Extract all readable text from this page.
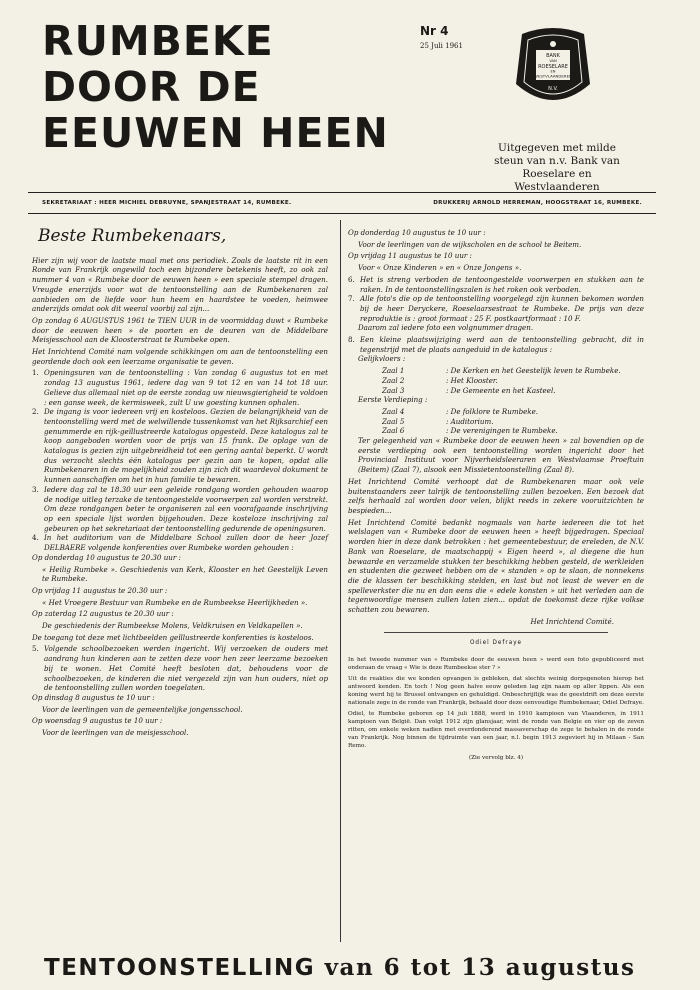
RUMBEKE
DOOR DE
EEUWEN HEEN
Nr 4
25 Juli 1961
BANK
VAN
ROESELARE
EN
WESTVLAANDEREN
N.V.
Uitgegeven met milde steun van n.v. Bank van Roeselare en Westvlaanderen
SEKRETARIAAT : HEER MICHIEL DEBRUYNE, SPANJESTRAAT 14, RUMBEKE.	DRUKKERIJ ARNOLD HERREMAN, HOOGSTRAAT 16, RUMBEKE.

Beste Rumbekenaars,

Hier zijn wij voor de laatste maal met ons periodiek. Zoals de laatste rit in een Ronde van Frankrijk ongewild toch een bijzondere betekenis heeft, zo ook zal nummer 4 van « Rumbeke door de eeuwen heen » een speciale stempel dragen. Vreugde enerzijds voor wat de tentoonstelling aan de Rumbekenaren zal aanbieden om de liefde voor hun heem en haardstee te voeden, heimwee anderzijds omdat ook dit weeral voorbij zal zijn...

Op zondag 6 AUGUSTUS 1961 te TIEN UUR in de voormiddag duwt « Rumbeke door de eeuwen heen » de poorten en de deuren van de Middelbare Meisjesschool aan de Kloosterstraat te Rumbeke open.

Het Inrichtend Comité nam volgende schikkingen om aan de tentoonstelling een geordende doch ook een leerzame organisatie te geven.

1. Openingsuren van de tentoonstelling : Van zondag 6 augustus tot en met zondag 13 augustus 1961, iedere dag van 9 tot 12 en van 14 tot 18 uur. Gelieve dus allemaal niet op de eerste zondag uw nieuwsgierigheid te voldoen : een ganse week, de kermisweek, zult U uw goesting kunnen ophalen.
2. De ingang is voor iedereen vrij en kosteloos. Gezien de belangrijkheid van de tentoonstelling werd met de welwillende tussenkomst van het Rijksarchief een genummerde en rijk-geïllustreerde katalogus opgesteld. Deze katalogus zal te koop aangeboden worden voor de prijs van 15 frank. De oplage van de katalogus is gezien zijn uitgebreidheid tot een gering aantal beperkt. U wordt dus verzocht slechts één katalogus per gezin aan te kopen, opdat alle Rumbekenaren in de mogelijkheid zouden zijn zich dit waardevol dokument te kunnen aanschaffen om het in hun familie te bewaren.
3. Iedere dag zal te 18.30 uur een geleide rondgang worden gehouden waarop de nodige uitleg terzake de tentoongestelde voorwerpen zal worden verstrekt. Om deze rondgangen beter te organiseren zal een voorafgaande inschrijving op een speciale lijst worden bijgehouden. Deze kosteloze inschrijving zal gebeuren op het sekretariaat der tentoonstelling gedurende de openingsuren.
4. In het auditorium van de Middelbare School zullen door de heer Jozef DELBAERE volgende konferenties over Rumbeke worden gehouden :

Op donderdag 10 augustus te 20.30 uur :

« Heilig Rumbeke ». Geschiedenis van Kerk, Klooster en het Geestelijk Leven te Rumbeke.

Op vrijdag 11 augustus te 20.30 uur :

« Het Vroegere Bestuur van Rumbeke en de Rumbeekse Heerlijkheden ».

Op zaterdag 12 augustus te 20.30 uur :

De geschiedenis der Rumbeekse Molens, Veldkruisen en Veldkapellen ».

De toegang tot deze met lichtbeelden geïllustreerde konferenties is kosteloos.

5. Volgende schoolbezoeken werden ingericht. Wij verzoeken de ouders met aandrang hun kinderen aan te zetten deze voor hen zeer leerzame bezoeken bij te wonen. Het Comité heeft besloten dat, behoudens voor de schoolbezoeken, de kinderen die niet vergezeld zijn van hun ouders, niet op de tentoonstelling zullen worden toegelaten.

Op dinsdag 8 augustus te 10 uur :

Voor de leerlingen van de gemeentelijke jongensschool.

Op woensdag 9 augustus te 10 uur :

Voor de leerlingen van de meisjesschool.

Op donderdag 10 augustus te 10 uur :

Voor de leerlingen van de wijkscholen en de school te Beitem.

Op vrijdag 11 augustus te 10 uur :

Voor « Onze Kinderen » en « Onze Jongens ».

6. Het is streng verboden de tentoongestelde voorwerpen en stukken aan te raken. In de tentoonstellingszalen is het roken ook verboden.
7. Alle foto's die op de tentoonstelling voorgelegd zijn kunnen bekomen worden bij de heer Deryckere, Roeselaarsestraat te Rumbeke. De prijs van deze reproduktie is : groot formaat : 25 F. postkaartformaat : 10 F.

Daarom zal iedere foto een volgnummer dragen.

8. Een kleine plaatswijziging werd aan de tentoonstelling gebracht, dit in tegenstrijd met de plaats aangeduid in de katalogus :

Gelijkvloers :

Zaal 1	: De Kerken en het Geestelijk leven te Rumbeke.
Zaal 2	: Het Klooster.
Zaal 3	: De Gemeente en het Kasteel.

Eerste Verdieping :

Zaal 4	: De folklore te Rumbeke.
Zaal 5	: Auditorium.
Zaal 6	: De verenigingen te Rumbeke.

Ter gelegenheid van « Rumbeke door de eeuwen heen » zal bovendien op de eerste verdieping ook een tentoonstelling worden ingericht door het Provinciaal Instituut voor Nijverheidsleeraren en Westvlaamse Proeftuin (Beitem) (Zaal 7), alsook een Missietentoonstelling (Zaal 8).

Het Inrichtend Comité verhoopt dat de Rumbekenaren maar ook vele buitenstaanders zeer talrijk de tentoonstelling zullen bezoeken. Een bezoek dat zelfs herhaald zal worden door velen, blijkt reeds in zekere vooruitzichten te bespieden...

Het Inrichtend Comité bedankt nogmaals van harte iedereen die tot het welslagen van « Rumbeke door de eeuwen heen » heeft bijgedragen. Speciaal worden hier in deze dank betrokken : het gemeentebestuur, de ereleden, de N.V. Bank van Roeselare, de maatschappij « Eigen heerd », al diegene die hun bewaarde en verzamelde stukken ter beschikking hebben gesteld, de werkleiden en studenten die gezweet hebben om de « standen » op te slaan, de nonnekens die de klassen ter beschikking stelden, en last but not least de wever en de spelleverkster die nu en dan eens die « edele konsten » uit het verleden aan de tegenwoordige mensen zullen laten zien... opdat de toekomst deze rijke volkse schatten zou bewaren.

Het Inrichtend Comité.

Odiel Defraye

In het tweede nummer van « Rumbeke door de eeuwen heen » werd een foto gepubliceerd met onderaan de vraag « Wie is deze Rumbeekse ster ? »

Uit de reakties die we konden opvangen is gebleken, dat slechts weinig dorpsgenoten hierop het antwoord kenden. En toch ! Nog geen halve eeuw geleden lag zijn naam op aller lippen. Als een koning werd hij te Brussel ontvangen en gehuldigd. Onbeschrijflijk was de geestdrift om deze eerste nationale zege in de ronde van Frankrijk, behaald door deze eenvoudige Rumbekenaar, Odiel Defraye.

Odiel, te Rumbeke geboren op 14 juli 1888, werd in 1910 kampioen van Vlaanderen, in 1911 kampioen van België. Dan volgt 1912 zijn glansjaar, wint de ronde van Belgie en vier op de zeven ritten, om enkele weken nadien met overdonderend massaverschap de zege te behalen in de ronde van Frankrijk. Nog binnen de tijdruimte van een jaar, n.l. begin 1913 zegeviert hij in Milaan - San Remo.

(Zie vervolg blz. 4)

TENTOONSTELLING van 6 tot 13 augustus
